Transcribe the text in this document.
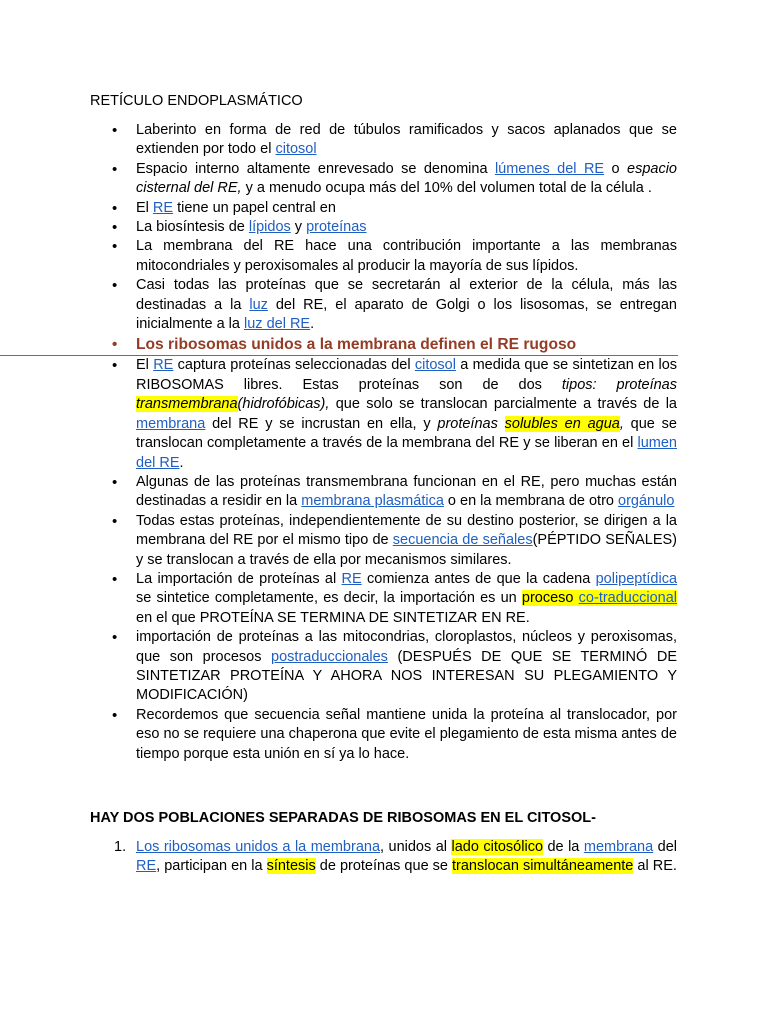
RETÍCULO ENDOPLASMÁTICO
• Laberinto en forma de red de túbulos ramificados y sacos aplanados que se extienden por todo el citosol
• Espacio interno altamente enrevesado se denomina lúmenes del RE o espacio cisternal del RE, y a menudo ocupa más del 10% del volumen total de la célula .
• El RE tiene un papel central en
• La biosíntesis de lípidos y proteínas
• La membrana del RE hace una contribución importante a las membranas mitocondriales y peroxisomales al producir la mayoría de sus lípidos.
• Casi todas las proteínas que se secretarán al exterior de la célula, más las destinadas a la luz del RE, el aparato de Golgi o los lisosomas, se entregan inicialmente a la luz del RE.
• Los ribosomas unidos a la membrana definen el RE rugoso
• El RE captura proteínas seleccionadas del citosol a medida que se sintetizan en los RIBOSOMAS libres. Estas proteínas son de dos tipos: proteínas transmembrana(hidrofóbicas), que solo se translocan parcialmente a través de la membrana del RE y se incrustan en ella, y proteínas solubles en agua, que se translocan completamente a través de la membrana del RE y se liberan en el lumen del RE.
• Algunas de las proteínas transmembrana funcionan en el RE, pero muchas están destinadas a residir en la membrana plasmática o en la membrana de otro orgánulo
• Todas estas proteínas, independientemente de su destino posterior, se dirigen a la membrana del RE por el mismo tipo de secuencia de señales(PÉPTIDO SEÑALES) y se translocan a través de ella por mecanismos similares.
• La importación de proteínas al RE comienza antes de que la cadena polipeptídica se sintetice completamente, es decir, la importación es un proceso co-traduccional en el que PROTEÍNA SE TERMINA DE SINTETIZAR EN RE.
• importación de proteínas a las mitocondrias, cloroplastos, núcleos y peroxisomas, que son procesos postraduccionales (DESPUÉS DE QUE SE TERMINÓ DE SINTETIZAR PROTEÍNA Y AHORA NOS INTERESAN SU PLEGAMIENTO Y MODIFICACIÓN)
• Recordemos que secuencia señal mantiene unida la proteína al translocador, por eso no se requiere una chaperona que evite el plegamiento de esta misma antes de tiempo porque esta unión en sí ya lo hace.
HAY DOS POBLACIONES SEPARADAS DE RIBOSOMAS EN EL CITOSOL-
1. Los ribosomas unidos a la membrana, unidos al lado citosólico de la membrana del RE, participan en la síntesis de proteínas que se translocan simultáneamente al RE.
